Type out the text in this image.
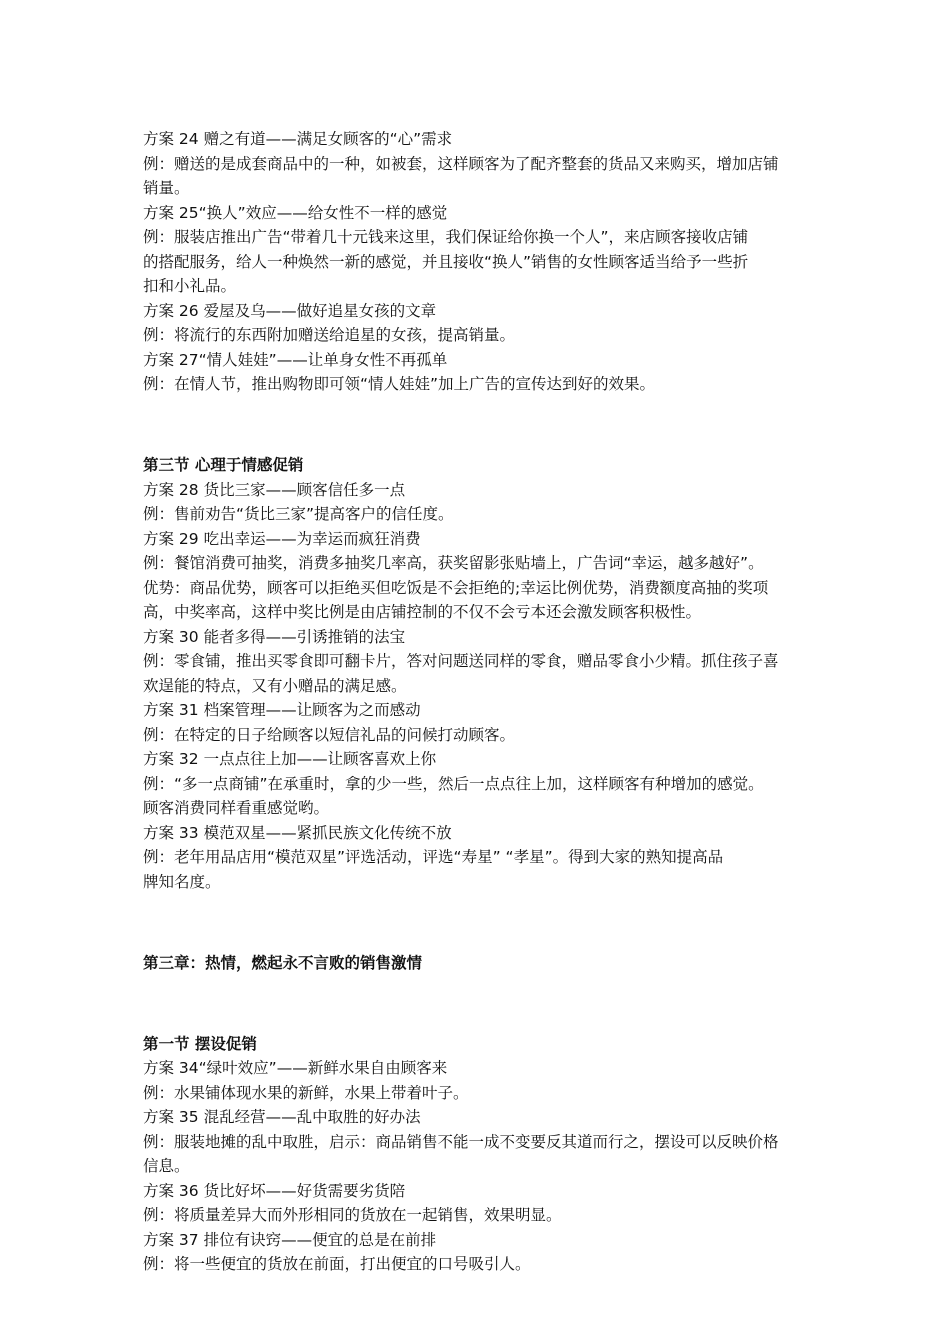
方案 24 赠之有道——满足女顾客的“心”需求

例：赠送的是成套商品中的一种，如被套，这样顾客为了配齐整套的货品又来购买，增加店铺

销量。

方案 25“换人”效应——给女性不一样的感觉

例：服装店推出广告“带着几十元钱来这里，我们保证给你换一个人”，来店顾客接收店铺

的搭配服务，给人一种焕然一新的感觉，并且接收“换人”销售的女性顾客适当给予一些折

扣和小礼品。

方案 26 爱屋及乌——做好追星女孩的文章

例：将流行的东西附加赠送给追星的女孩，提高销量。

方案 27“情人娃娃”——让单身女性不再孤单

例：在情人节，推出购物即可领“情人娃娃”加上广告的宣传达到好的效果。

第三节 心理于情感促销

方案 28 货比三家——顾客信任多一点

例：售前劝告“货比三家”提高客户的信任度。

方案 29 吃出幸运——为幸运而疯狂消费

例：餐馆消费可抽奖，消费多抽奖几率高，获奖留影张贴墙上，广告词“幸运，越多越好”。

优势：商品优势，顾客可以拒绝买但吃饭是不会拒绝的;幸运比例优势，消费额度高抽的奖项

高，中奖率高，这样中奖比例是由店铺控制的不仅不会亏本还会激发顾客积极性。

方案 30 能者多得——引诱推销的法宝

例：零食铺，推出买零食即可翻卡片，答对问题送同样的零食，赠品零食小少精。抓住孩子喜

欢逞能的特点，又有小赠品的满足感。

方案 31 档案管理——让顾客为之而感动

例：在特定的日子给顾客以短信礼品的问候打动顾客。

方案 32 一点点往上加——让顾客喜欢上你

例：“多一点商铺”在承重时，拿的少一些，然后一点点往上加，这样顾客有种增加的感觉。

顾客消费同样看重感觉哟。

方案 33 模范双星——紧抓民族文化传统不放

例：老年用品店用“模范双星”评选活动，评选“寿星” “孝星”。得到大家的熟知提高品

牌知名度。

第三章：热情，燃起永不言败的销售激情

第一节 摆设促销

方案 34“绿叶效应”——新鲜水果自由顾客来

例：水果铺体现水果的新鲜，水果上带着叶子。

方案 35 混乱经营——乱中取胜的好办法

例：服装地摊的乱中取胜，启示：商品销售不能一成不变要反其道而行之，摆设可以反映价格

信息。

方案 36 货比好坏——好货需要劣货陪

例：将质量差异大而外形相同的货放在一起销售，效果明显。

方案 37 排位有诀窍——便宜的总是在前排

例：将一些便宜的货放在前面，打出便宜的口号吸引人。
